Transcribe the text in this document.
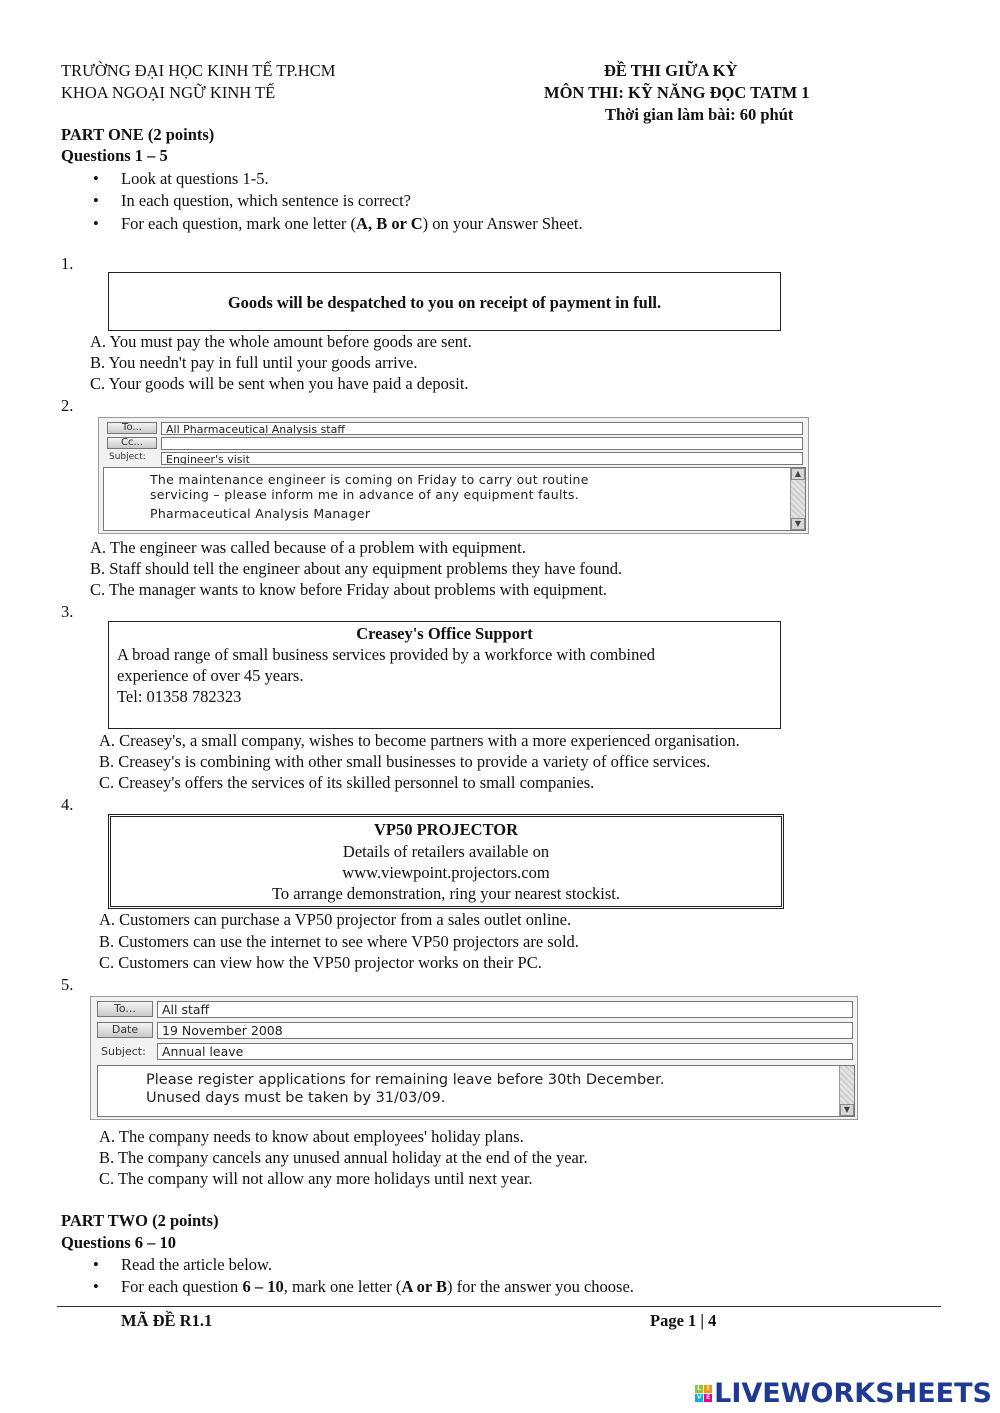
TRƯỜNG ĐẠI HỌC KINH TẾ TP.HCM
KHOA NGOẠI NGỮ KINH TẾ
ĐỀ THI GIỮA KỲ
MÔN THI: KỸ NĂNG ĐỌC TATM 1
Thời gian làm bài: 60 phút
PART ONE (2 points)
Questions 1 – 5
• Look at questions 1-5.
• In each question, which sentence is correct?
• For each question, mark one letter (A, B or C) on your Answer Sheet.
1.
Goods will be despatched to you on receipt of payment in full.
A. You must pay the whole amount before goods are sent.
B. You needn't pay in full until your goods arrive.
C. Your goods will be sent when you have paid a deposit.
2.
To...	All Pharmaceutical Analysis staff
Cc...
Subject:	Engineer's visit
The maintenance engineer is coming on Friday to carry out routine
servicing – please inform me in advance of any equipment faults.
Pharmaceutical Analysis Manager
▲
▼
A. The engineer was called because of a problem with equipment.
B. Staff should tell the engineer about any equipment problems they have found.
C. The manager wants to know before Friday about problems with equipment.
3.
Creasey's Office Support
A broad range of small business services provided by a workforce with combined
experience of over 45 years.
Tel: 01358 782323
A. Creasey's, a small company, wishes to become partners with a more experienced organisation.
B. Creasey's is combining with other small businesses to provide a variety of office services.
C. Creasey's offers the services of its skilled personnel to small companies.
4.
VP50 PROJECTOR
Details of retailers available on
www.viewpoint.projectors.com
To arrange demonstration, ring your nearest stockist.
A. Customers can purchase a VP50 projector from a sales outlet online.
B. Customers can use the internet to see where VP50 projectors are sold.
C. Customers can view how the VP50 projector works on their PC.
5.
To...	All staff
Date	19 November 2008
Subject:	Annual leave
Please register applications for remaining leave before 30th December.
Unused days must be taken by 31/03/09.
▼
A. The company needs to know about employees' holiday plans.
B. The company cancels any unused annual holiday at the end of the year.
C. The company will not allow any more holidays until next year.
PART TWO (2 points)
Questions 6 – 10
• Read the article below.
• For each question 6 – 10, mark one letter (A or B) for the answer you choose.
MÃ ĐỀ R1.1	Page 1 | 4
L I
V E LIVEWORKSHEETS
